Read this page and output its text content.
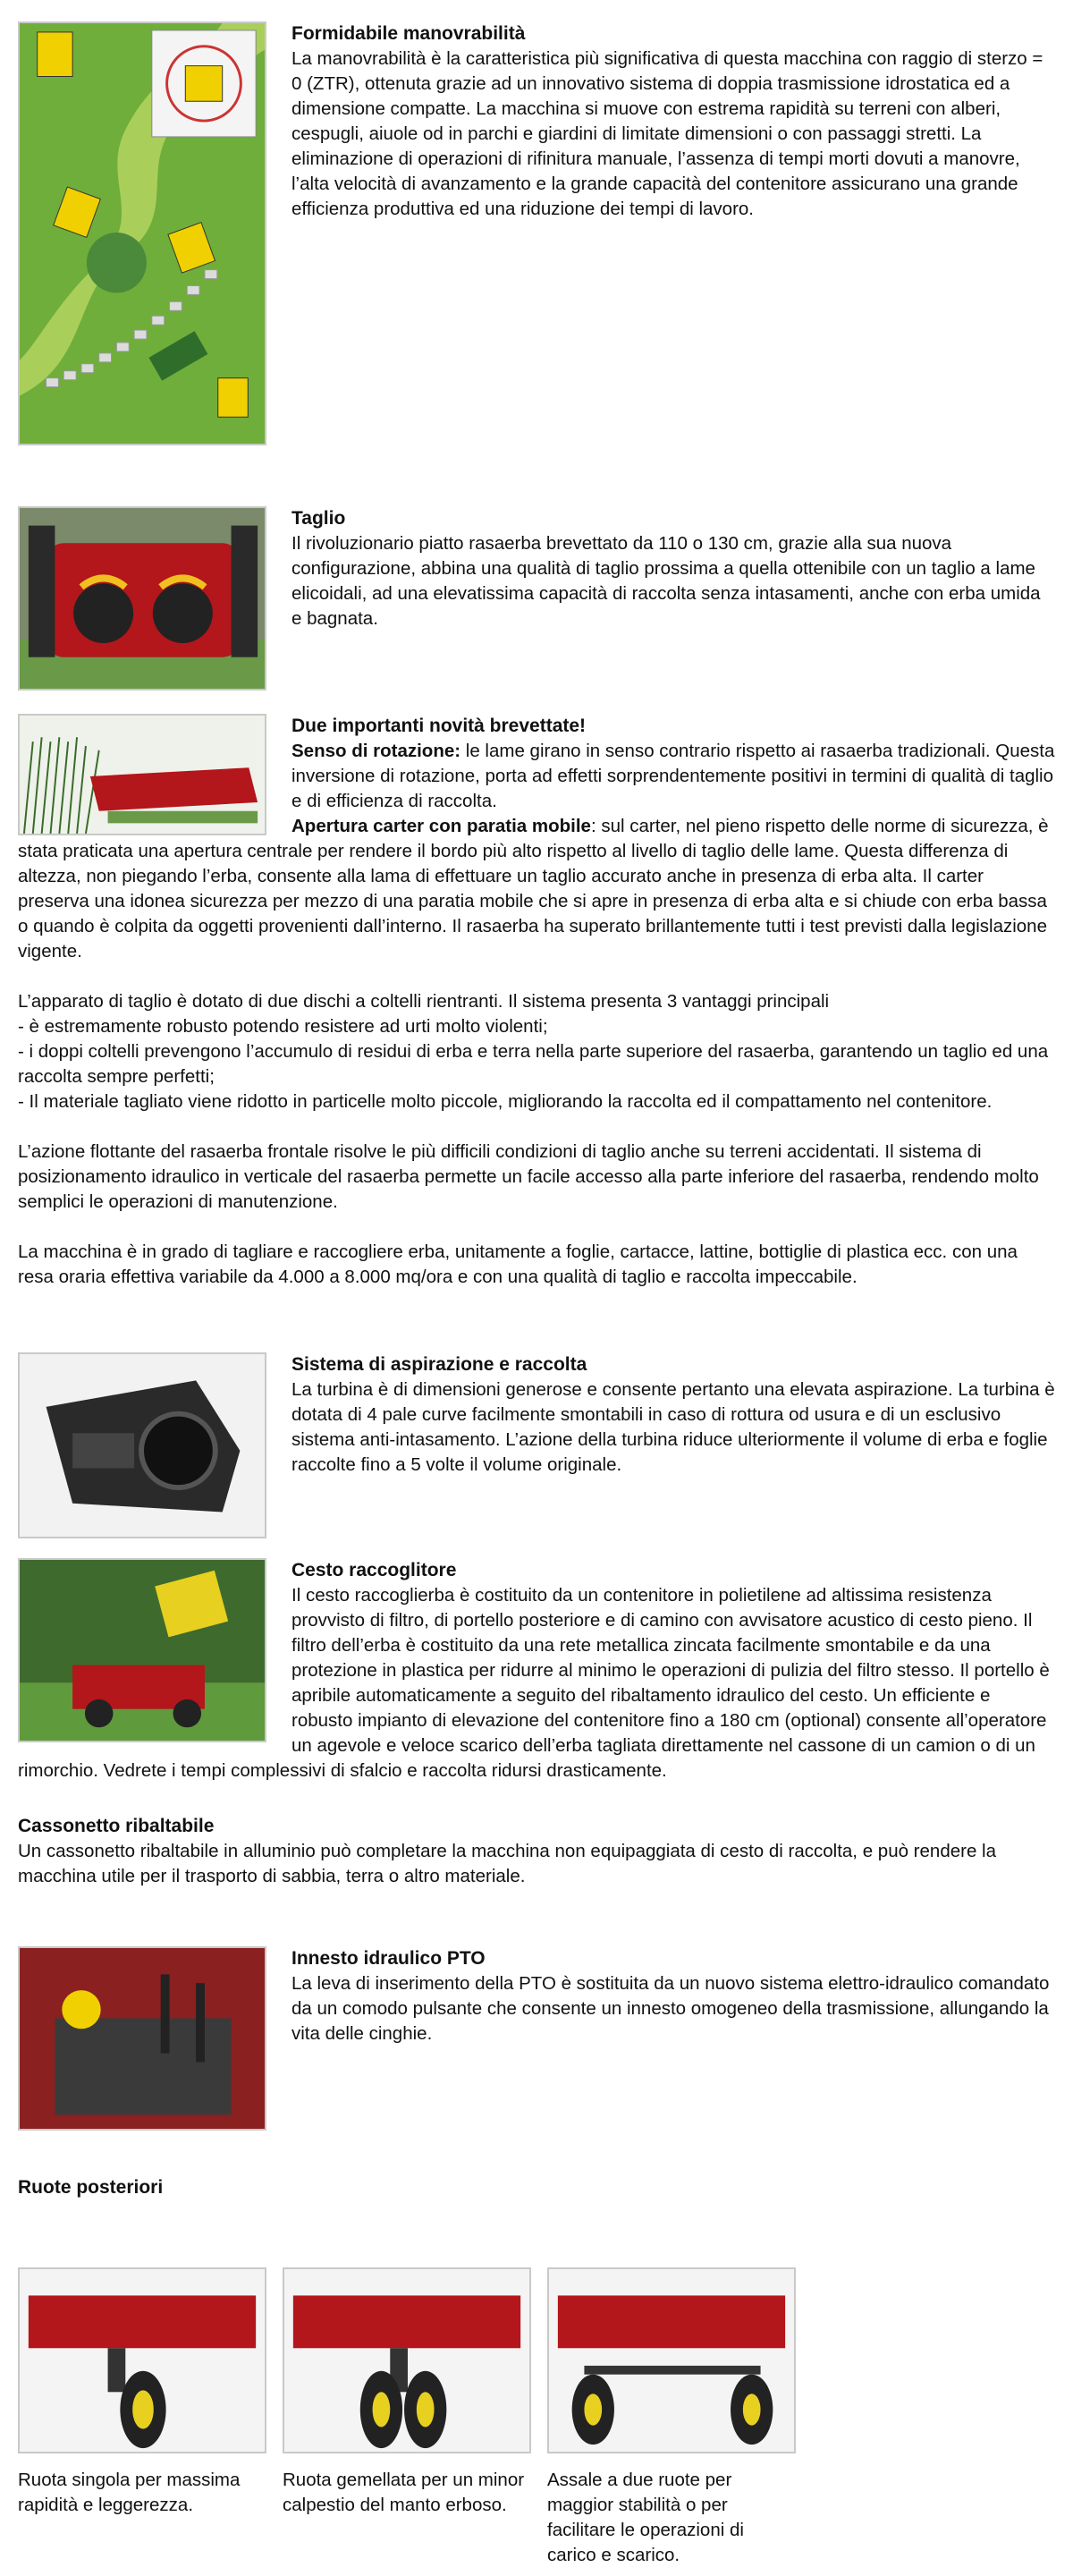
Formidabile manovrabilità

La manovrabilità è la caratteristica più significativa di questa macchina con raggio di sterzo = 0 (ZTR), ottenuta grazie ad un innovativo sistema di doppia trasmissione idrostatica ed a dimensione compatte. La macchina si muove con estrema rapidità su terreni con alberi, cespugli, aiuole od in parchi e giardini di limitate dimensioni o con passaggi stretti. La eliminazione di operazioni di rifinitura manuale, l’assenza di tempi morti dovuti a manovre, l’alta velocità di avanzamento e la grande capacità del contenitore assicurano una grande efficienza produttiva ed una riduzione dei tempi di lavoro.

Taglio

Il rivoluzionario piatto rasaerba brevettato da 110 o 130 cm, grazie alla sua nuova configurazione, abbina una qualità di taglio prossima a quella ottenibile con un taglio a lame elicoidali, ad una elevatissima capacità di raccolta senza intasamenti, anche con erba umida e bagnata.

Due importanti novità brevettate!

Senso di rotazione: le lame girano in senso contrario rispetto ai rasaerba tradizionali. Questa inversione di rotazione, porta ad effetti sorprendentemente positivi in termini di qualità di taglio e di efficienza di raccolta.

Apertura carter con paratia mobile: sul carter, nel pieno rispetto delle norme di sicurezza, è stata praticata una apertura centrale per rendere il bordo più alto rispetto al livello di taglio delle lame. Questa differenza di altezza, non piegando l’erba, consente alla lama di effettuare un taglio accurato anche in presenza di erba alta. Il carter preserva una idonea sicurezza per mezzo di una paratia mobile che si apre in presenza di erba alta e si chiude con erba bassa o quando è colpita da oggetti provenienti dall’interno. Il rasaerba ha superato brillantemente tutti i test previsti dalla legislazione vigente.

L’apparato di taglio è dotato di due dischi a coltelli rientranti. Il sistema presenta 3 vantaggi principali

- è estremamente robusto potendo resistere ad urti molto violenti;

- i doppi coltelli prevengono l’accumulo di residui di erba e terra nella parte superiore del rasaerba, garantendo un taglio ed una raccolta sempre perfetti;

- Il materiale tagliato viene ridotto in particelle molto piccole, migliorando la raccolta ed il compattamento nel contenitore.

L’azione flottante del rasaerba frontale risolve le più difficili condizioni di taglio anche su terreni accidentati. Il sistema di posizionamento idraulico in verticale del rasaerba permette un facile accesso alla parte inferiore del rasaerba, rendendo molto semplici le operazioni di manutenzione.

La macchina è in grado di tagliare e raccogliere erba, unitamente a foglie, cartacce, lattine, bottiglie di plastica ecc. con una resa oraria effettiva variabile da 4.000 a 8.000 mq/ora e con una qualità di taglio e raccolta impeccabile.

Sistema di aspirazione e raccolta

La turbina è di dimensioni generose e consente pertanto una elevata aspirazione. La turbina è dotata di 4 pale curve facilmente smontabili in caso di rottura od usura e di un esclusivo sistema anti-intasamento. L’azione della turbina riduce ulteriormente il volume di erba e foglie raccolte fino a 5 volte il volume originale.

Cesto raccoglitore

Il cesto raccoglierba è costituito da un contenitore in polietilene ad altissima resistenza provvisto di filtro, di portello posteriore e di camino con avvisatore acustico di cesto pieno. Il filtro dell’erba è costituito da una rete metallica zincata facilmente smontabile e da una protezione in plastica per ridurre al minimo le operazioni di pulizia del filtro stesso. Il portello è apribile automaticamente a seguito del ribaltamento idraulico del cesto. Un efficiente e robusto impianto di elevazione del contenitore fino a 180 cm (optional) consente all’operatore un agevole e veloce scarico dell’erba tagliata direttamente nel cassone di un camion o di un rimorchio. Vedrete i tempi complessivi di sfalcio e raccolta ridursi drasticamente.

Cassonetto ribaltabile

Un cassonetto ribaltabile in alluminio può completare la macchina non equipaggiata di cesto di raccolta, e può rendere la macchina utile per il trasporto di sabbia, terra o altro materiale.

Innesto idraulico PTO

La leva di inserimento della PTO è sostituita da un nuovo sistema elettro-idraulico comandato da un comodo pulsante che consente un innesto omogeneo della trasmissione, allungando la vita delle cinghie.

Ruote posteriori
Ruota singola per massima rapidità e leggerezza.
Ruota gemellata per un minor calpestio del manto erboso.
Assale a due ruote per maggior stabilità o per facilitare le operazioni di carico e scarico.
